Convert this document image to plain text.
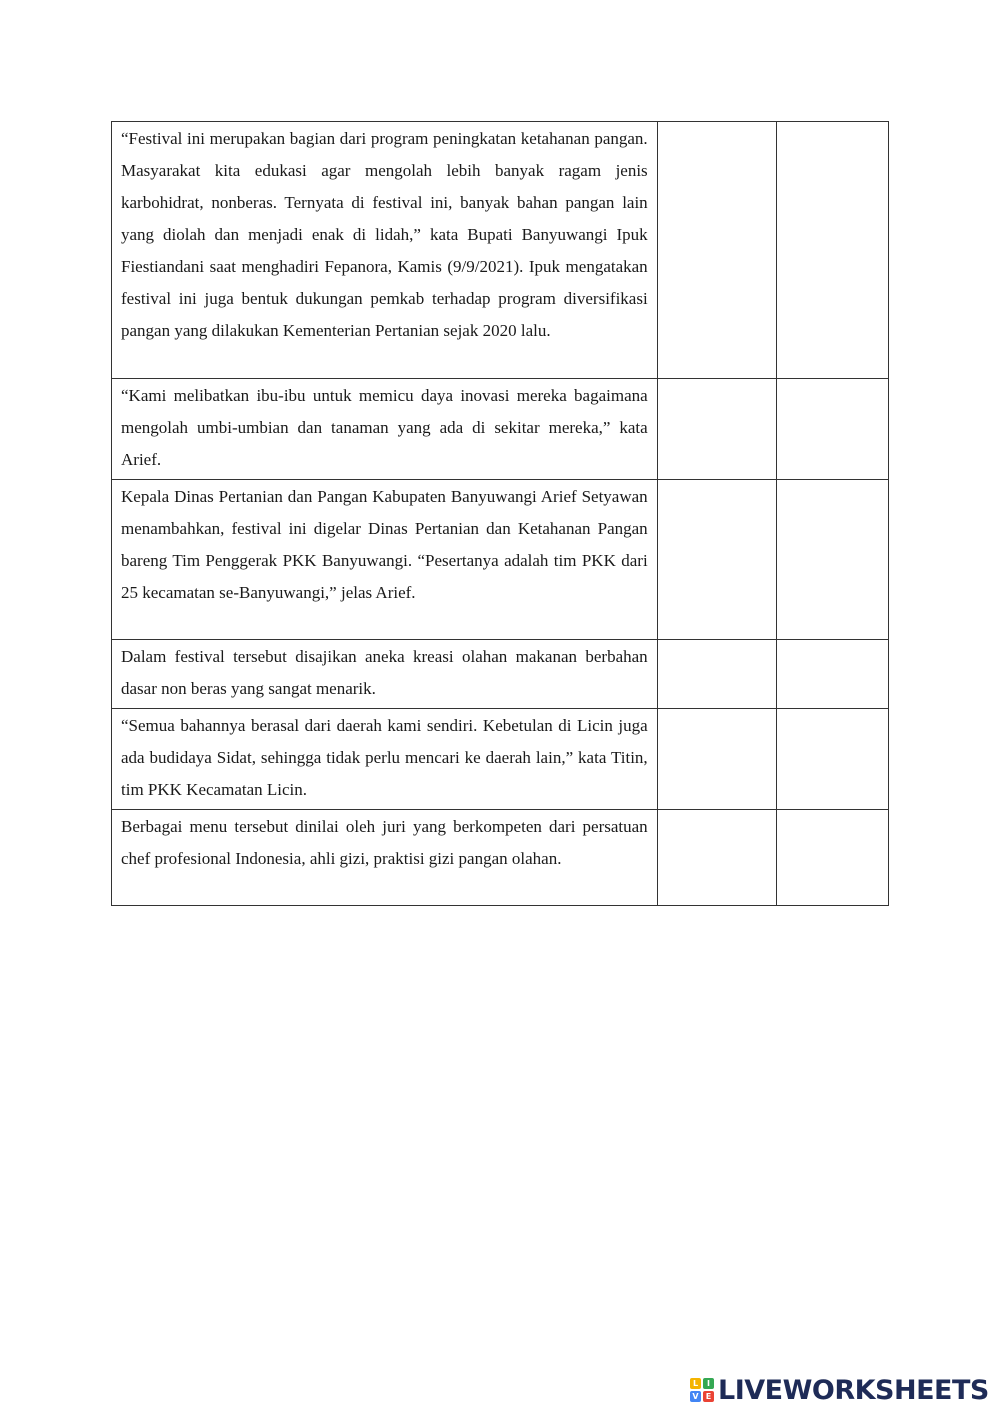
“Festival ini merupakan bagian dari program peningkatan ketahanan pangan. Masyarakat kita edukasi agar mengolah lebih banyak ragam jenis karbohidrat, nonberas. Ternyata di festival ini, banyak bahan pangan lain yang diolah dan menjadi enak di lidah,” kata Bupati Banyuwangi Ipuk Fiestiandani saat menghadiri Fepanora, Kamis (9/9/2021). Ipuk mengatakan festival ini juga bentuk dukungan pemkab terhadap program diversifikasi pangan yang dilakukan Kementerian Pertanian sejak 2020 lalu.		
“Kami melibatkan ibu-ibu untuk memicu daya inovasi mereka bagaimana mengolah umbi-umbian dan tanaman yang ada di sekitar mereka,” kata Arief.		
Kepala Dinas Pertanian dan Pangan Kabupaten Banyuwangi Arief Setyawan menambahkan, festival ini digelar Dinas Pertanian dan Ketahanan Pangan bareng Tim Penggerak PKK Banyuwangi. “Pesertanya adalah tim PKK dari 25 kecamatan se-Banyuwangi,” jelas Arief.		
Dalam festival tersebut disajikan aneka kreasi olahan makanan berbahan dasar non beras yang sangat menarik.		
“Semua bahannya berasal dari daerah kami sendiri. Kebetulan di Licin juga ada budidaya Sidat, sehingga tidak perlu mencari ke daerah lain,” kata Titin, tim PKK Kecamatan Licin.		
Berbagai menu tersebut dinilai oleh juri yang berkompeten dari persatuan chef profesional Indonesia, ahli gizi, praktisi gizi pangan olahan.		
L	I
V E LIVEWORKSHEETS
